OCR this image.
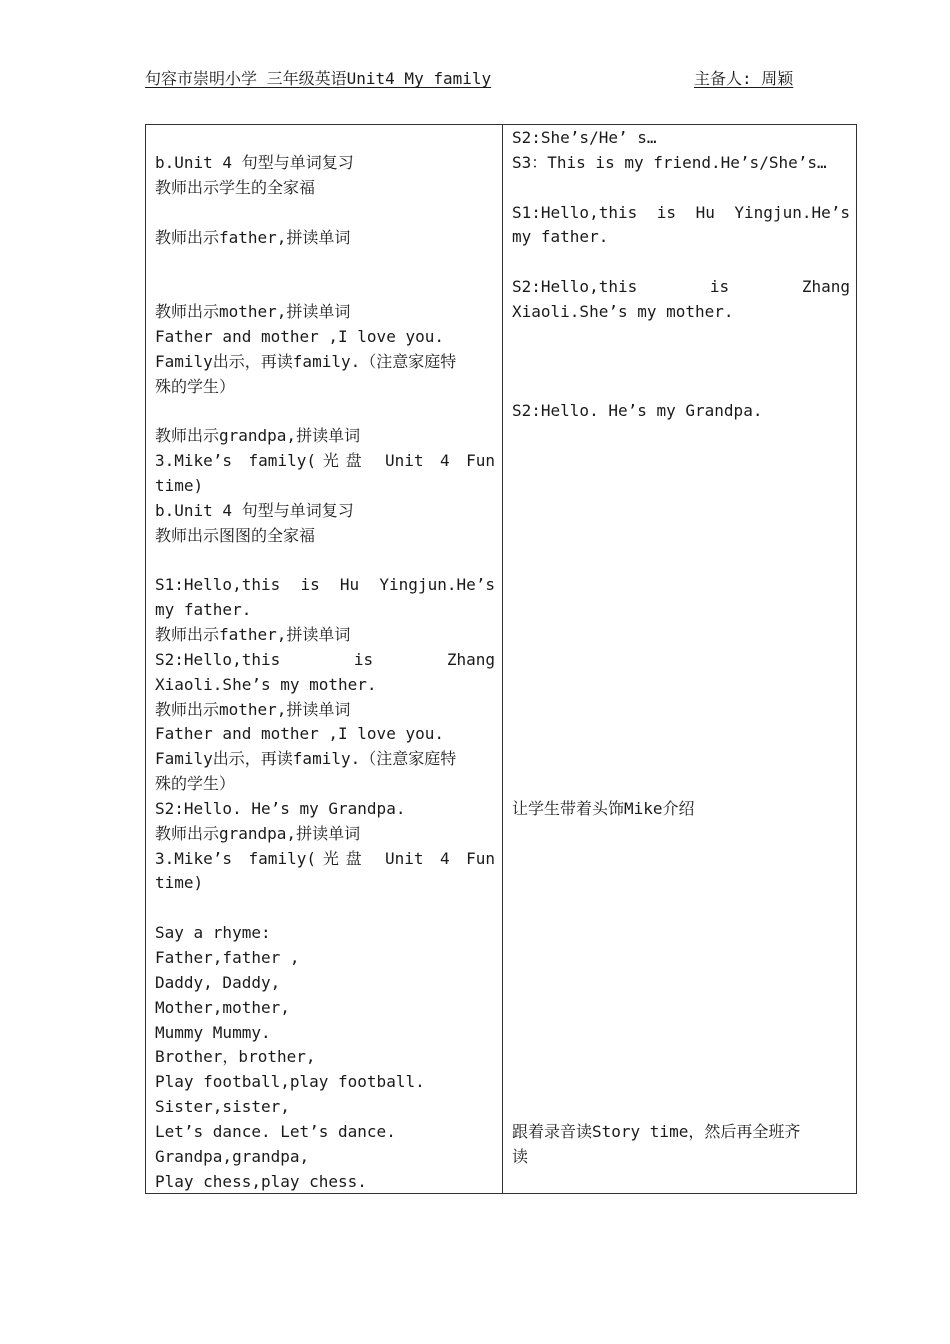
句容市崇明小学 三年级英语Unit4 My family	主备人: 周颖
b.Unit 4 句型与单词复习
教师出示学生的全家福
教师出示father,拼读单词
教师出示mother,拼读单词
Father and mother ,I love you.
Family出示，再读family.（注意家庭特
殊的学生）
教师出示grandpa,拼读单词
3.Mike’s family(光盘 Unit 4 Fun
time)
b.Unit 4 句型与单词复习
教师出示图图的全家福
S1:Hello,this is Hu Yingjun.He’s
my father.
教师出示father,拼读单词
S2:Hello,this is Zhang
Xiaoli.She’s my mother.
教师出示mother,拼读单词
Father and mother ,I love you.
Family出示，再读family.（注意家庭特
殊的学生）
S2:Hello. He’s my Grandpa.
教师出示grandpa,拼读单词
3.Mike’s family(光盘 Unit 4 Fun
time)
Say a rhyme:
Father,father ,
Daddy, Daddy,
Mother,mother,
Mummy Mummy.
Brother，brother,
Play football,play football.
Sister,sister,
Let’s dance. Let’s dance.
Grandpa,grandpa,
Play chess,play chess.
S2:She’s/He’ s…
S3：This is my friend.He’s/She’s…
S1:Hello,this is Hu Yingjun.He’s
my father.
S2:Hello,this is Zhang
Xiaoli.She’s my mother.
S2:Hello. He’s my Grandpa.
让学生带着头饰Mike介绍
跟着录音读Story time，然后再全班齐
读
